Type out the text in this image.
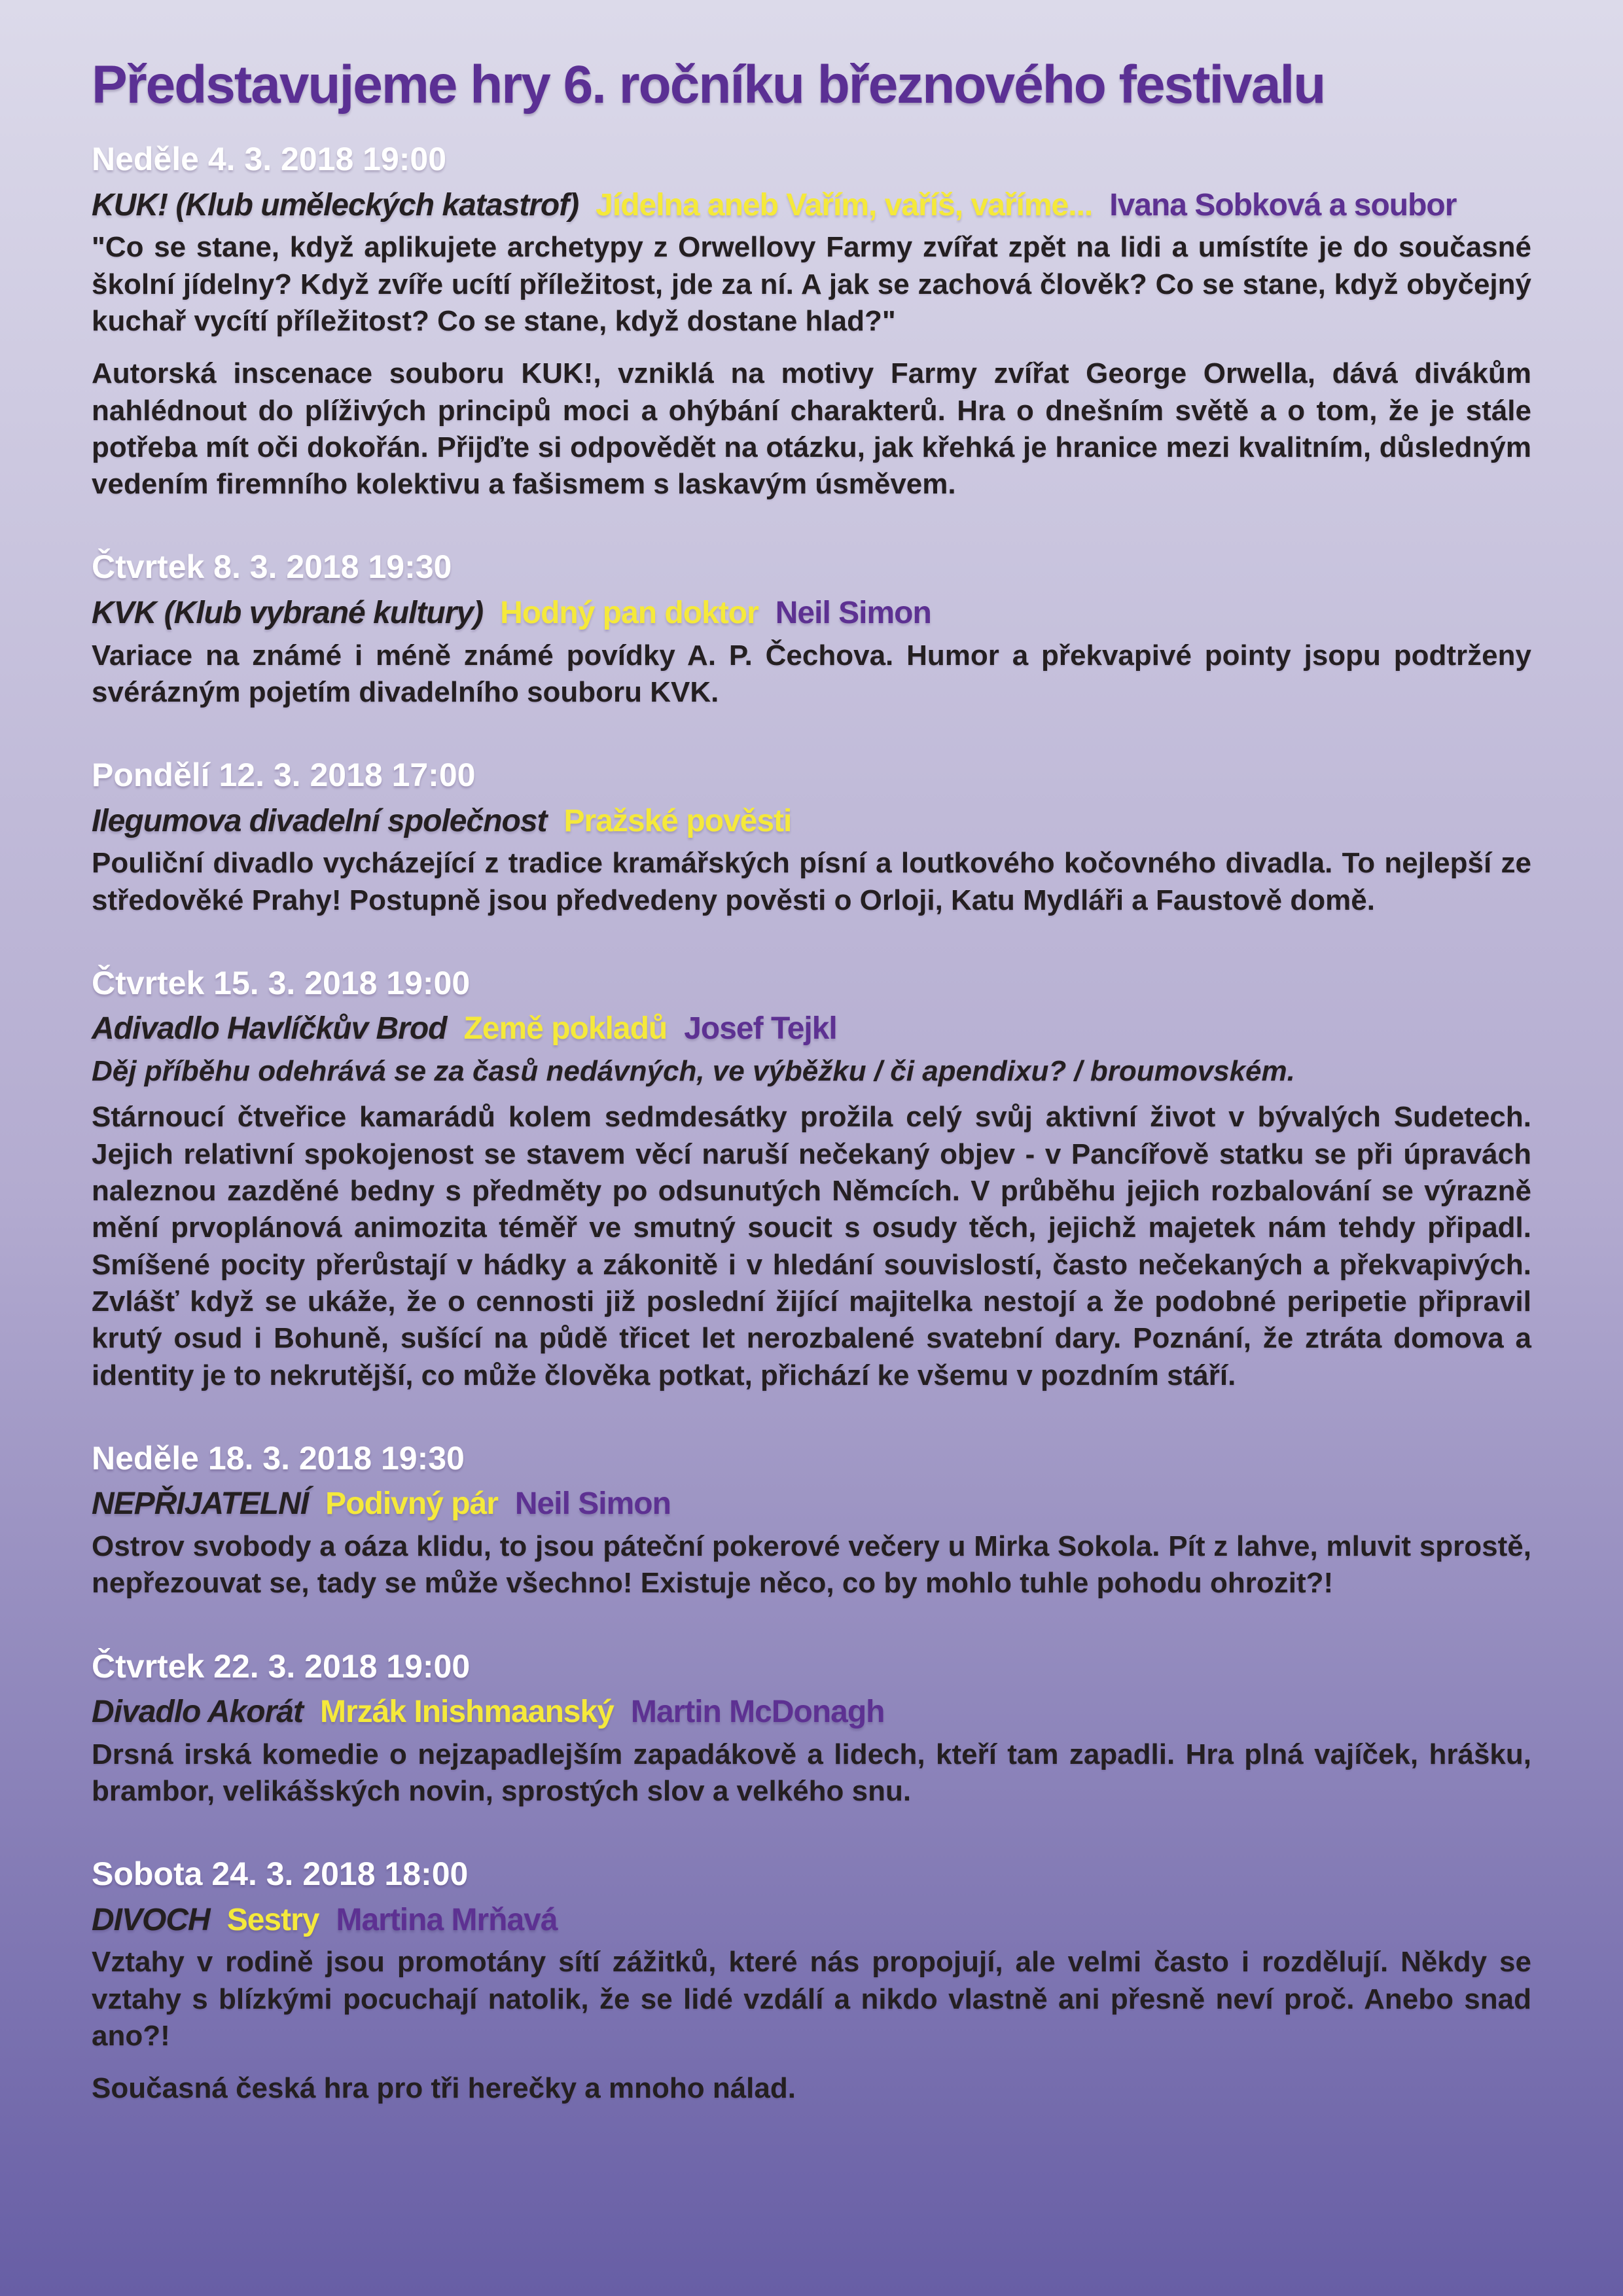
Představujeme hry 6. ročníku březnového festivalu
Neděle 4. 3. 2018 19:00
KUK! (Klub uměleckých katastrof) Jídelna aneb Vařím, vaříš, vaříme... Ivana Sobková a soubor

"Co se stane, když aplikujete archetypy z Orwellovy Farmy zvířat zpět na lidi a umístíte je do současné školní jídelny? Když zvíře ucítí příležitost, jde za ní. A jak se zachová člověk? Co se stane, když obyčejný kuchař vycítí příležitost? Co se stane, když dostane hlad?"

Autorská inscenace souboru KUK!, vzniklá na motivy Farmy zvířat George Orwella, dává divákům nahlédnout do plíživých principů moci a ohýbání charakterů. Hra o dnešním světě a o tom, že je stále potřeba mít oči dokořán. Přijďte si odpovědět na otázku, jak křehká je hranice mezi kvalitním, důsledným vedením firemního kolektivu a fašismem s laskavým úsměvem.

Čtvrtek 8. 3. 2018 19:30
KVK (Klub vybrané kultury) Hodný pan doktor Neil Simon

Variace na známé i méně známé povídky A. P. Čechova. Humor a překvapivé pointy jsopu podtrženy svérázným pojetím divadelního souboru KVK.

Pondělí 12. 3. 2018 17:00
Ilegumova divadelní společnost Pražské pověsti

Pouliční divadlo vycházející z tradice kramářských písní a loutkového kočovného divadla. To nejlepší ze středověké Prahy! Postupně jsou předvedeny pověsti o Orloji, Katu Mydláři a Faustově domě.

Čtvrtek 15. 3. 2018 19:00
Adivadlo Havlíčkův Brod Země pokladů Josef Tejkl

Děj příběhu odehrává se za časů nedávných, ve výběžku / či apendixu? / broumovském.

Stárnoucí čtveřice kamarádů kolem sedmdesátky prožila celý svůj aktivní život v bývalých Sudetech. Jejich relativní spokojenost se stavem věcí naruší nečekaný objev - v Pancířově statku se při úpravách naleznou zazděné bedny s předměty po odsunutých Němcích. V průběhu jejich rozbalování se výrazně mění prvoplánová animozita téměř ve smutný soucit s osudy těch, jejichž majetek nám tehdy připadl. Smíšené pocity přerůstají v hádky a zákonitě i v hledání souvislostí, často nečekaných a překvapivých. Zvlášť když se ukáže, že o cennosti již poslední žijící majitelka nestojí a že podobné peripetie připravil krutý osud i Bohuně, sušící na půdě třicet let nerozbalené svatební dary. Poznání, že ztráta domova a identity je to nekrutější, co může člověka potkat, přichází ke všemu v pozdním stáří.

Neděle 18. 3. 2018 19:30
NEPŘIJATELNÍ Podivný pár Neil Simon

Ostrov svobody a oáza klidu, to jsou páteční pokerové večery u Mirka Sokola. Pít z lahve, mluvit sprostě, nepřezouvat se, tady se může všechno! Existuje něco, co by mohlo tuhle pohodu ohrozit?!

Čtvrtek 22. 3. 2018 19:00
Divadlo Akorát Mrzák Inishmaanský Martin McDonagh

Drsná irská komedie o nejzapadlejším zapadákově a lidech, kteří tam zapadli. Hra plná vajíček, hrášku, brambor, velikášských novin, sprostých slov a velkého snu.

Sobota 24. 3. 2018 18:00
DIVOCH Sestry Martina Mrňavá

Vztahy v rodině jsou promotány sítí zážitků, které nás propojují, ale velmi často i rozdělují. Někdy se vztahy s blízkými pocuchají natolik, že se lidé vzdálí a nikdo vlastně ani přesně neví proč. Anebo snad ano?!

Současná česká hra pro tři herečky a mnoho nálad.
